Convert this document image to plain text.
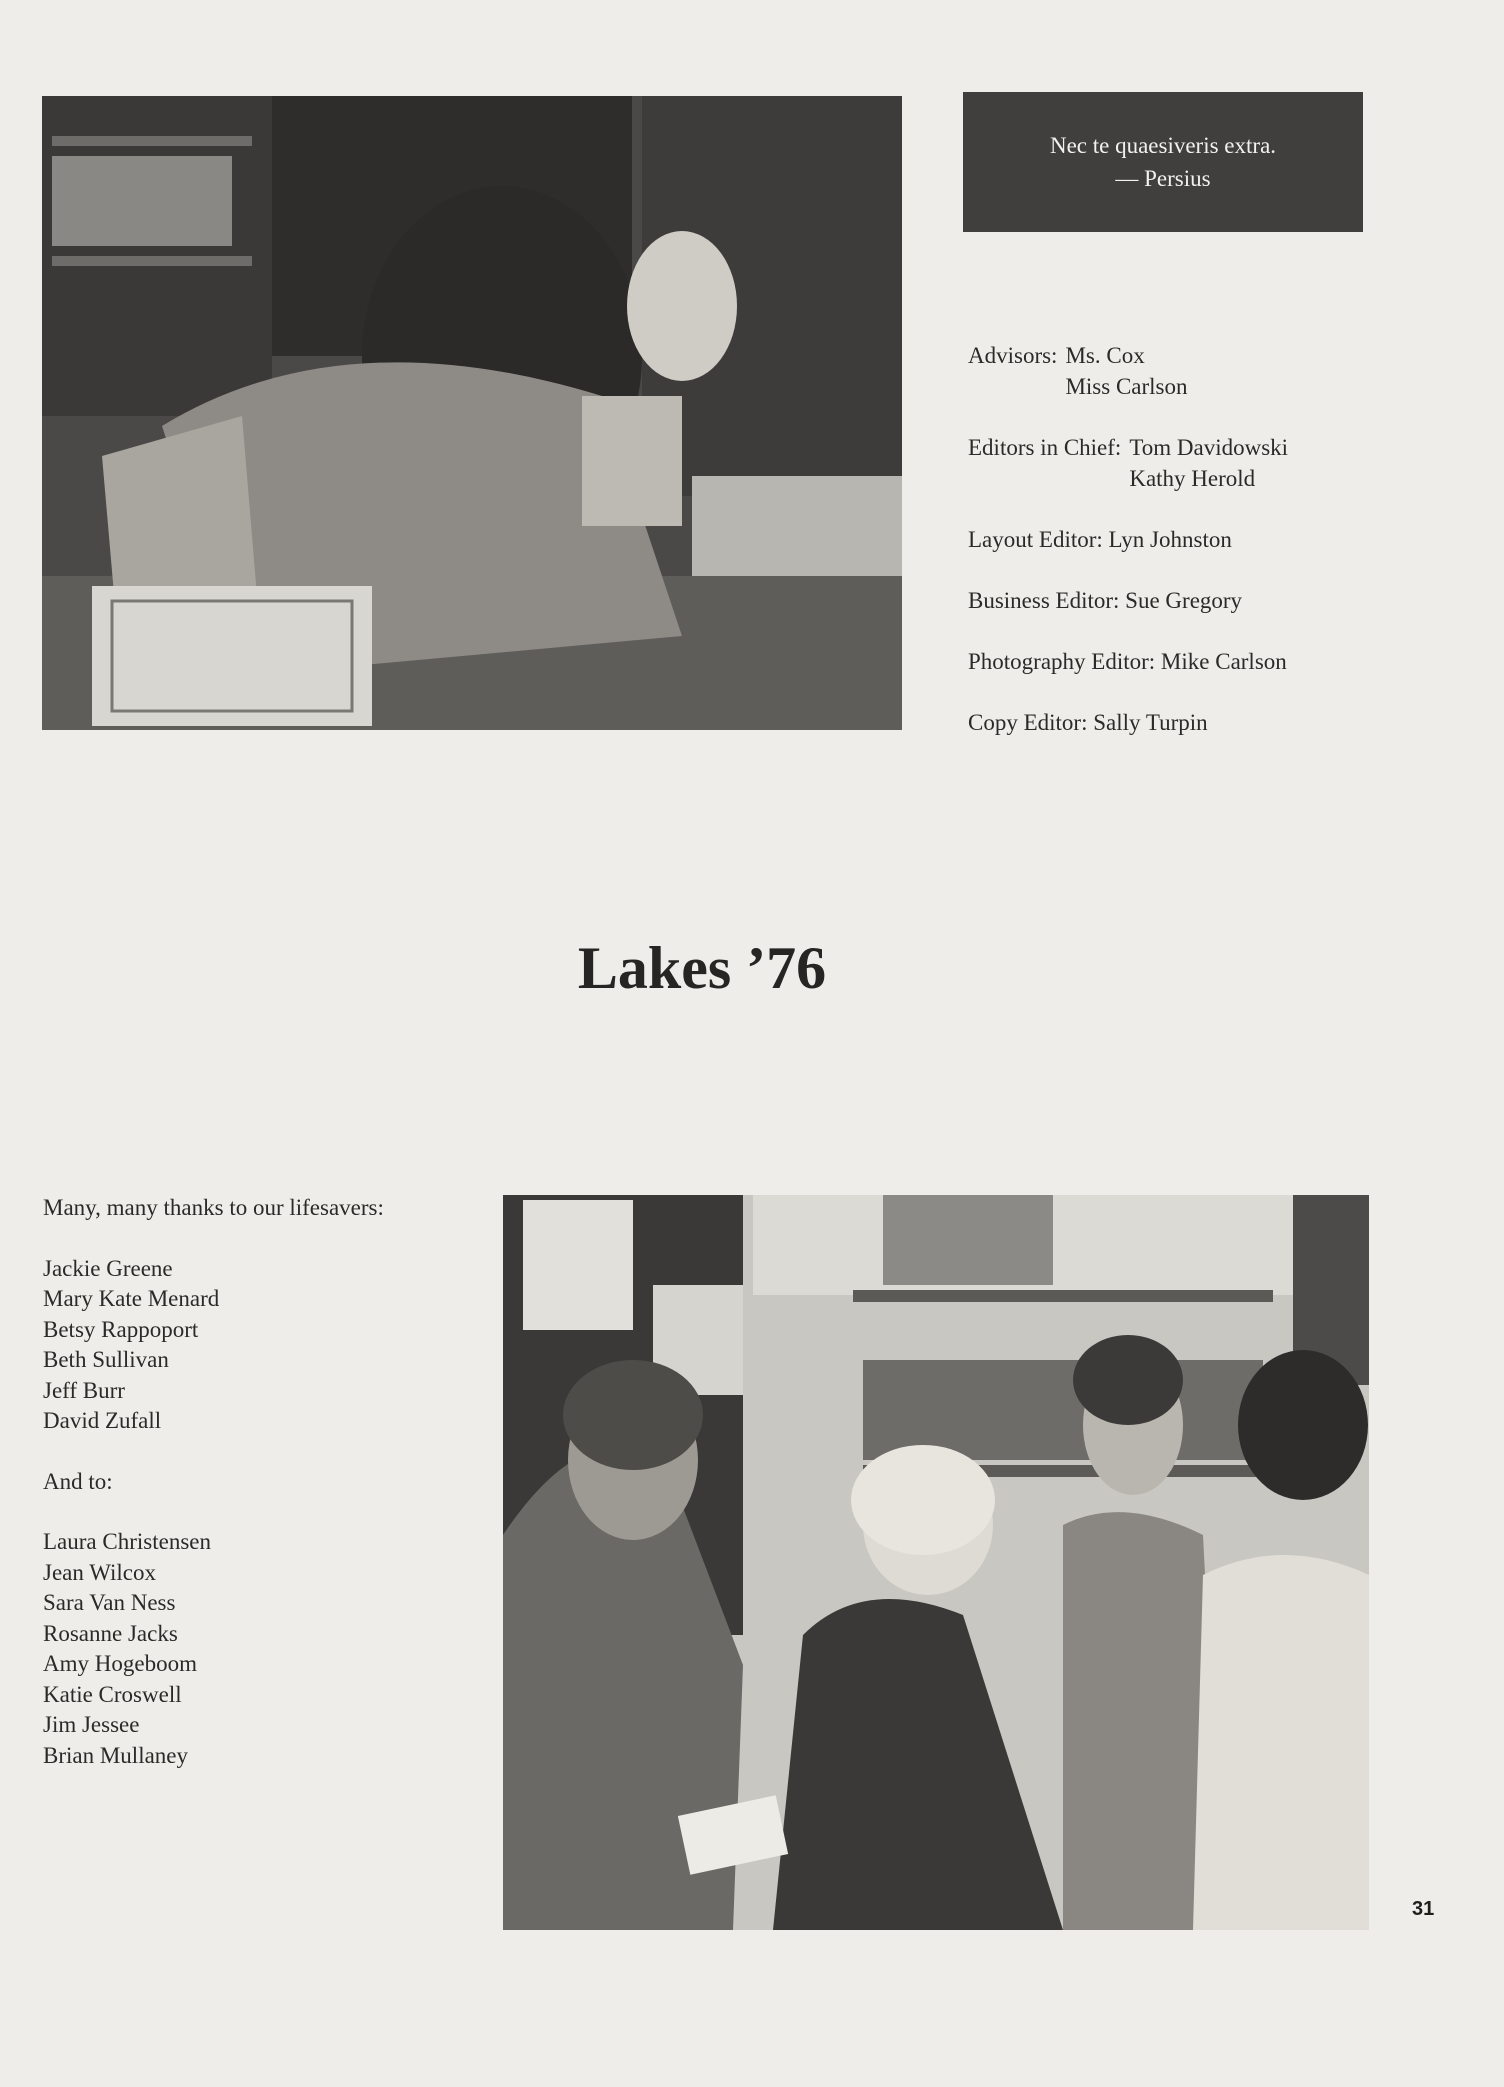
Nec te quaesiveris extra.
— Persius
Advisors: Ms. Cox
Miss Carlson
Editors in Chief: Tom Davidowski
Kathy Herold
Layout Editor: Lyn Johnston
Business Editor: Sue Gregory
Photography Editor: Mike Carlson
Copy Editor: Sally Turpin
Lakes ’76
Many, many thanks to our lifesavers:
Jackie Greene
Mary Kate Menard
Betsy Rappoport
Beth Sullivan
Jeff Burr
David Zufall
And to:
Laura Christensen
Jean Wilcox
Sara Van Ness
Rosanne Jacks
Amy Hogeboom
Katie Croswell
Jim Jessee
Brian Mullaney
31
